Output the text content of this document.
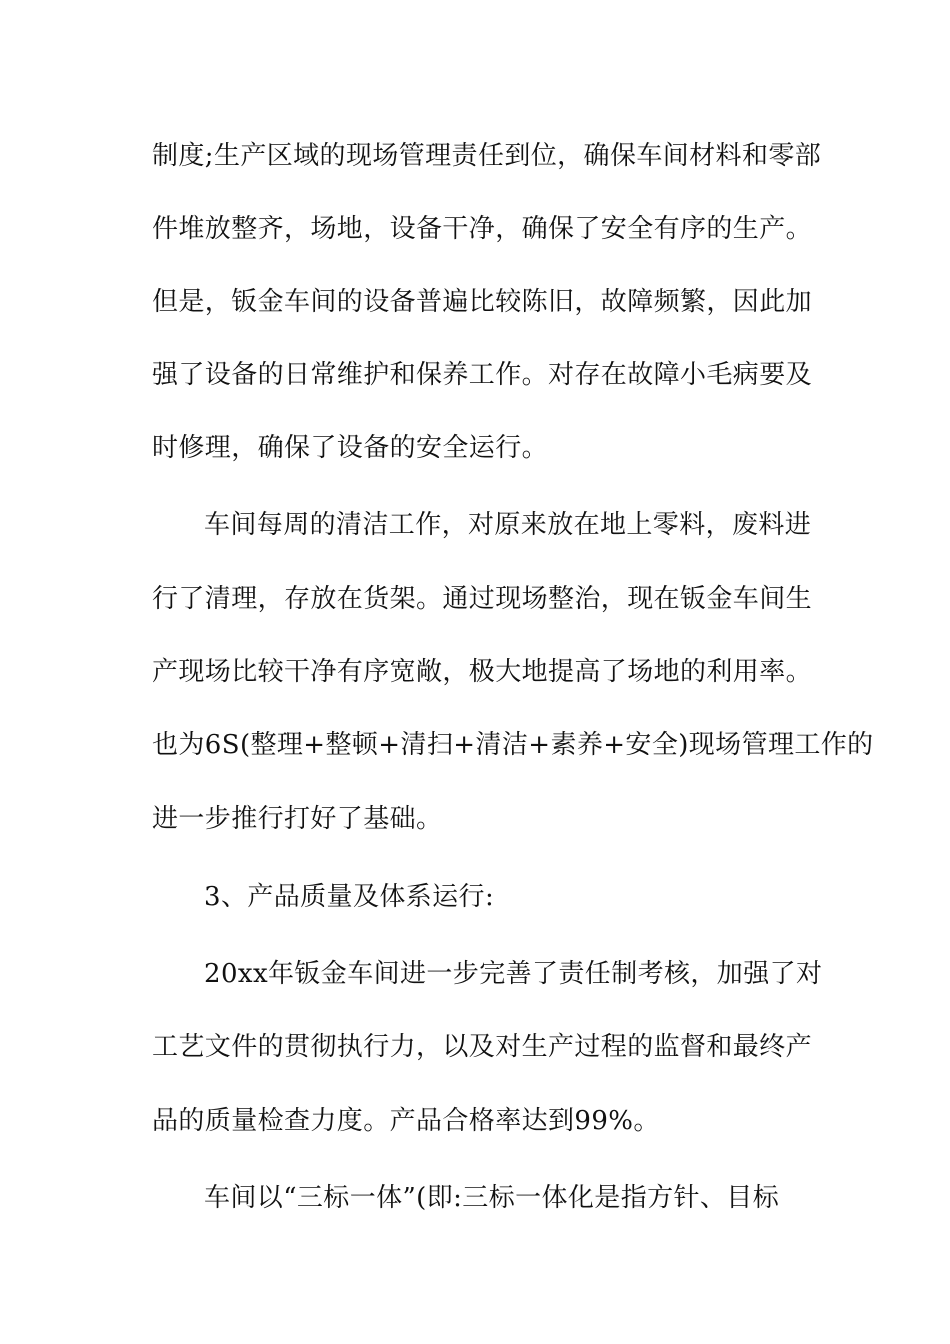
制度;生产区域的现场管理责任到位，确保车间材料和零部
件堆放整齐，场地，设备干净，确保了安全有序的生产。
但是，钣金车间的设备普遍比较陈旧，故障频繁，因此加
强了设备的日常维护和保养工作。对存在故障小毛病要及
时修理，确保了设备的安全运行。
车间每周的清洁工作，对原来放在地上零料，废料进
行了清理，存放在货架。通过现场整治，现在钣金车间生
产现场比较干净有序宽敞，极大地提高了场地的利用率。
也为6S(整理+整顿+清扫+清洁+素养+安全)现场管理工作的
进一步推行打好了基础。
3、产品质量及体系运行:
20xx年钣金车间进一步完善了责任制考核，加强了对
工艺文件的贯彻执行力，以及对生产过程的监督和最终产
品的质量检查力度。产品合格率达到99%。
车间以“三标一体”(即:三标一体化是指方针、目标
